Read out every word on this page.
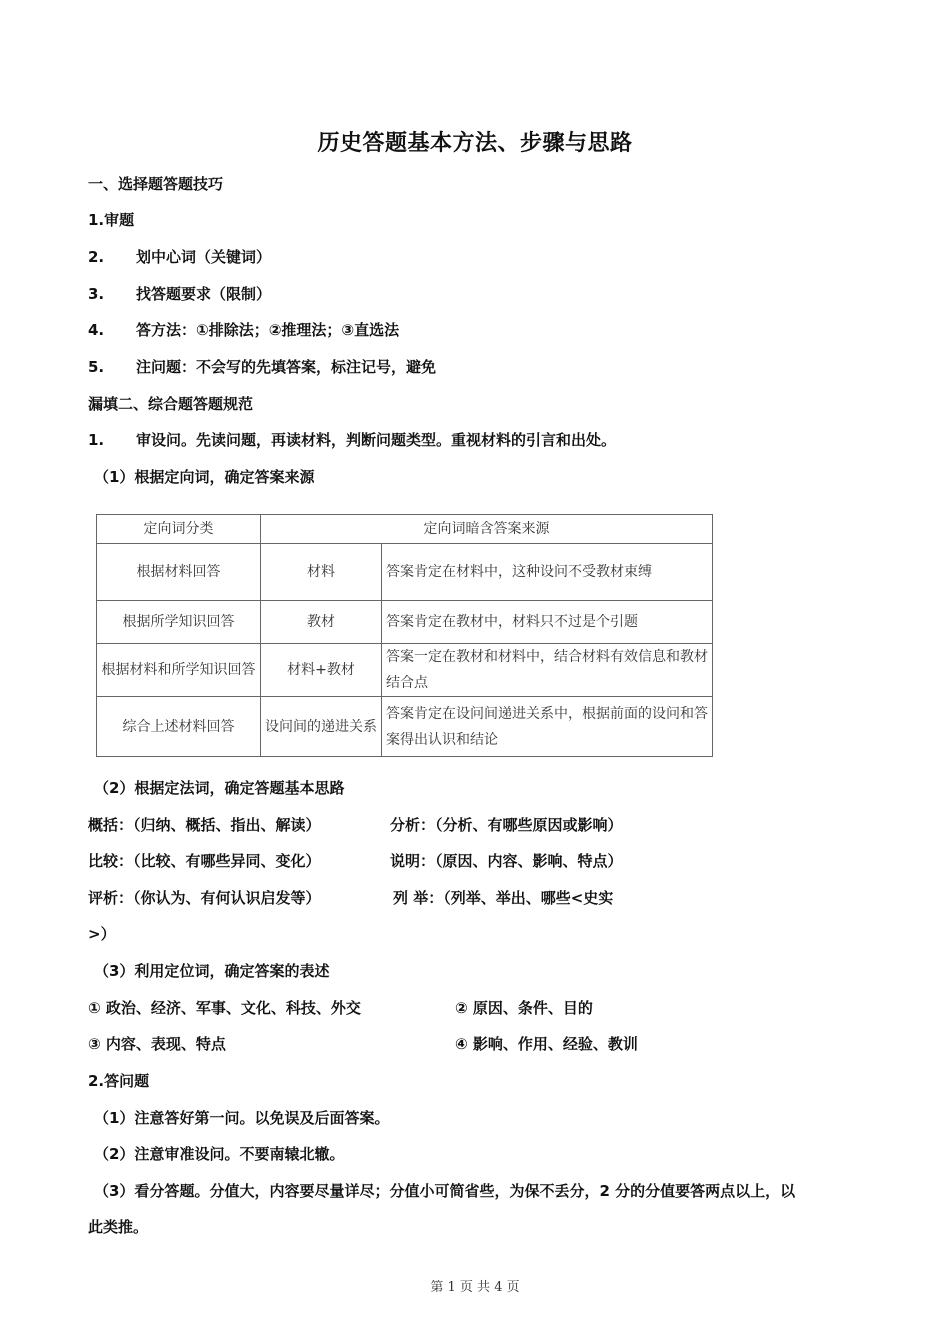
历史答题基本方法、步骤与思路
一、选择题答题技巧
1.审题
2. 划中心词（关键词）
3. 找答题要求（限制）
4. 答方法：①排除法；②推理法；③直选法
5. 注问题：不会写的先填答案，标注记号，避免
漏填二、综合题答题规范
1. 审设问。先读问题，再读材料，判断问题类型。重视材料的引言和出处。
（1）根据定向词，确定答案来源
定向词分类	定向词暗含答案来源	
根据材料回答	材料	答案肯定在材料中，这种设问不受教材束缚
根据所学知识回答	教材	答案肯定在教材中，材料只不过是个引题
根据材料和所学知识回答	材料+教材	答案一定在教材和材料中，结合材料有效信息和教材结合点
综合上述材料回答	设问间的递进关系	答案肯定在设问间递进关系中，根据前面的设问和答案得出认识和结论
（2）根据定法词，确定答题基本思路
概括：（归纳、概括、指出、解读）	分析：（分析、有哪些原因或影响）
比较：（比较、有哪些异同、变化）	说明：（原因、内容、影响、特点）
评析：（你认为、有何认识启发等）	列 举：（列举、举出、哪些<史实
>）
（3）利用定位词，确定答案的表述
① 政治、经济、军事、文化、科技、外交	② 原因、条件、目的
③ 内容、表现、特点	④ 影响、作用、经验、教训
2.答问题
（1）注意答好第一问。以免误及后面答案。
（2）注意审准设问。不要南辕北辙。
（3）看分答题。分值大，内容要尽量详尽；分值小可简省些，为保不丢分，2 分的分值要答两点以上，以
此类推。
第 1 页 共 4 页
